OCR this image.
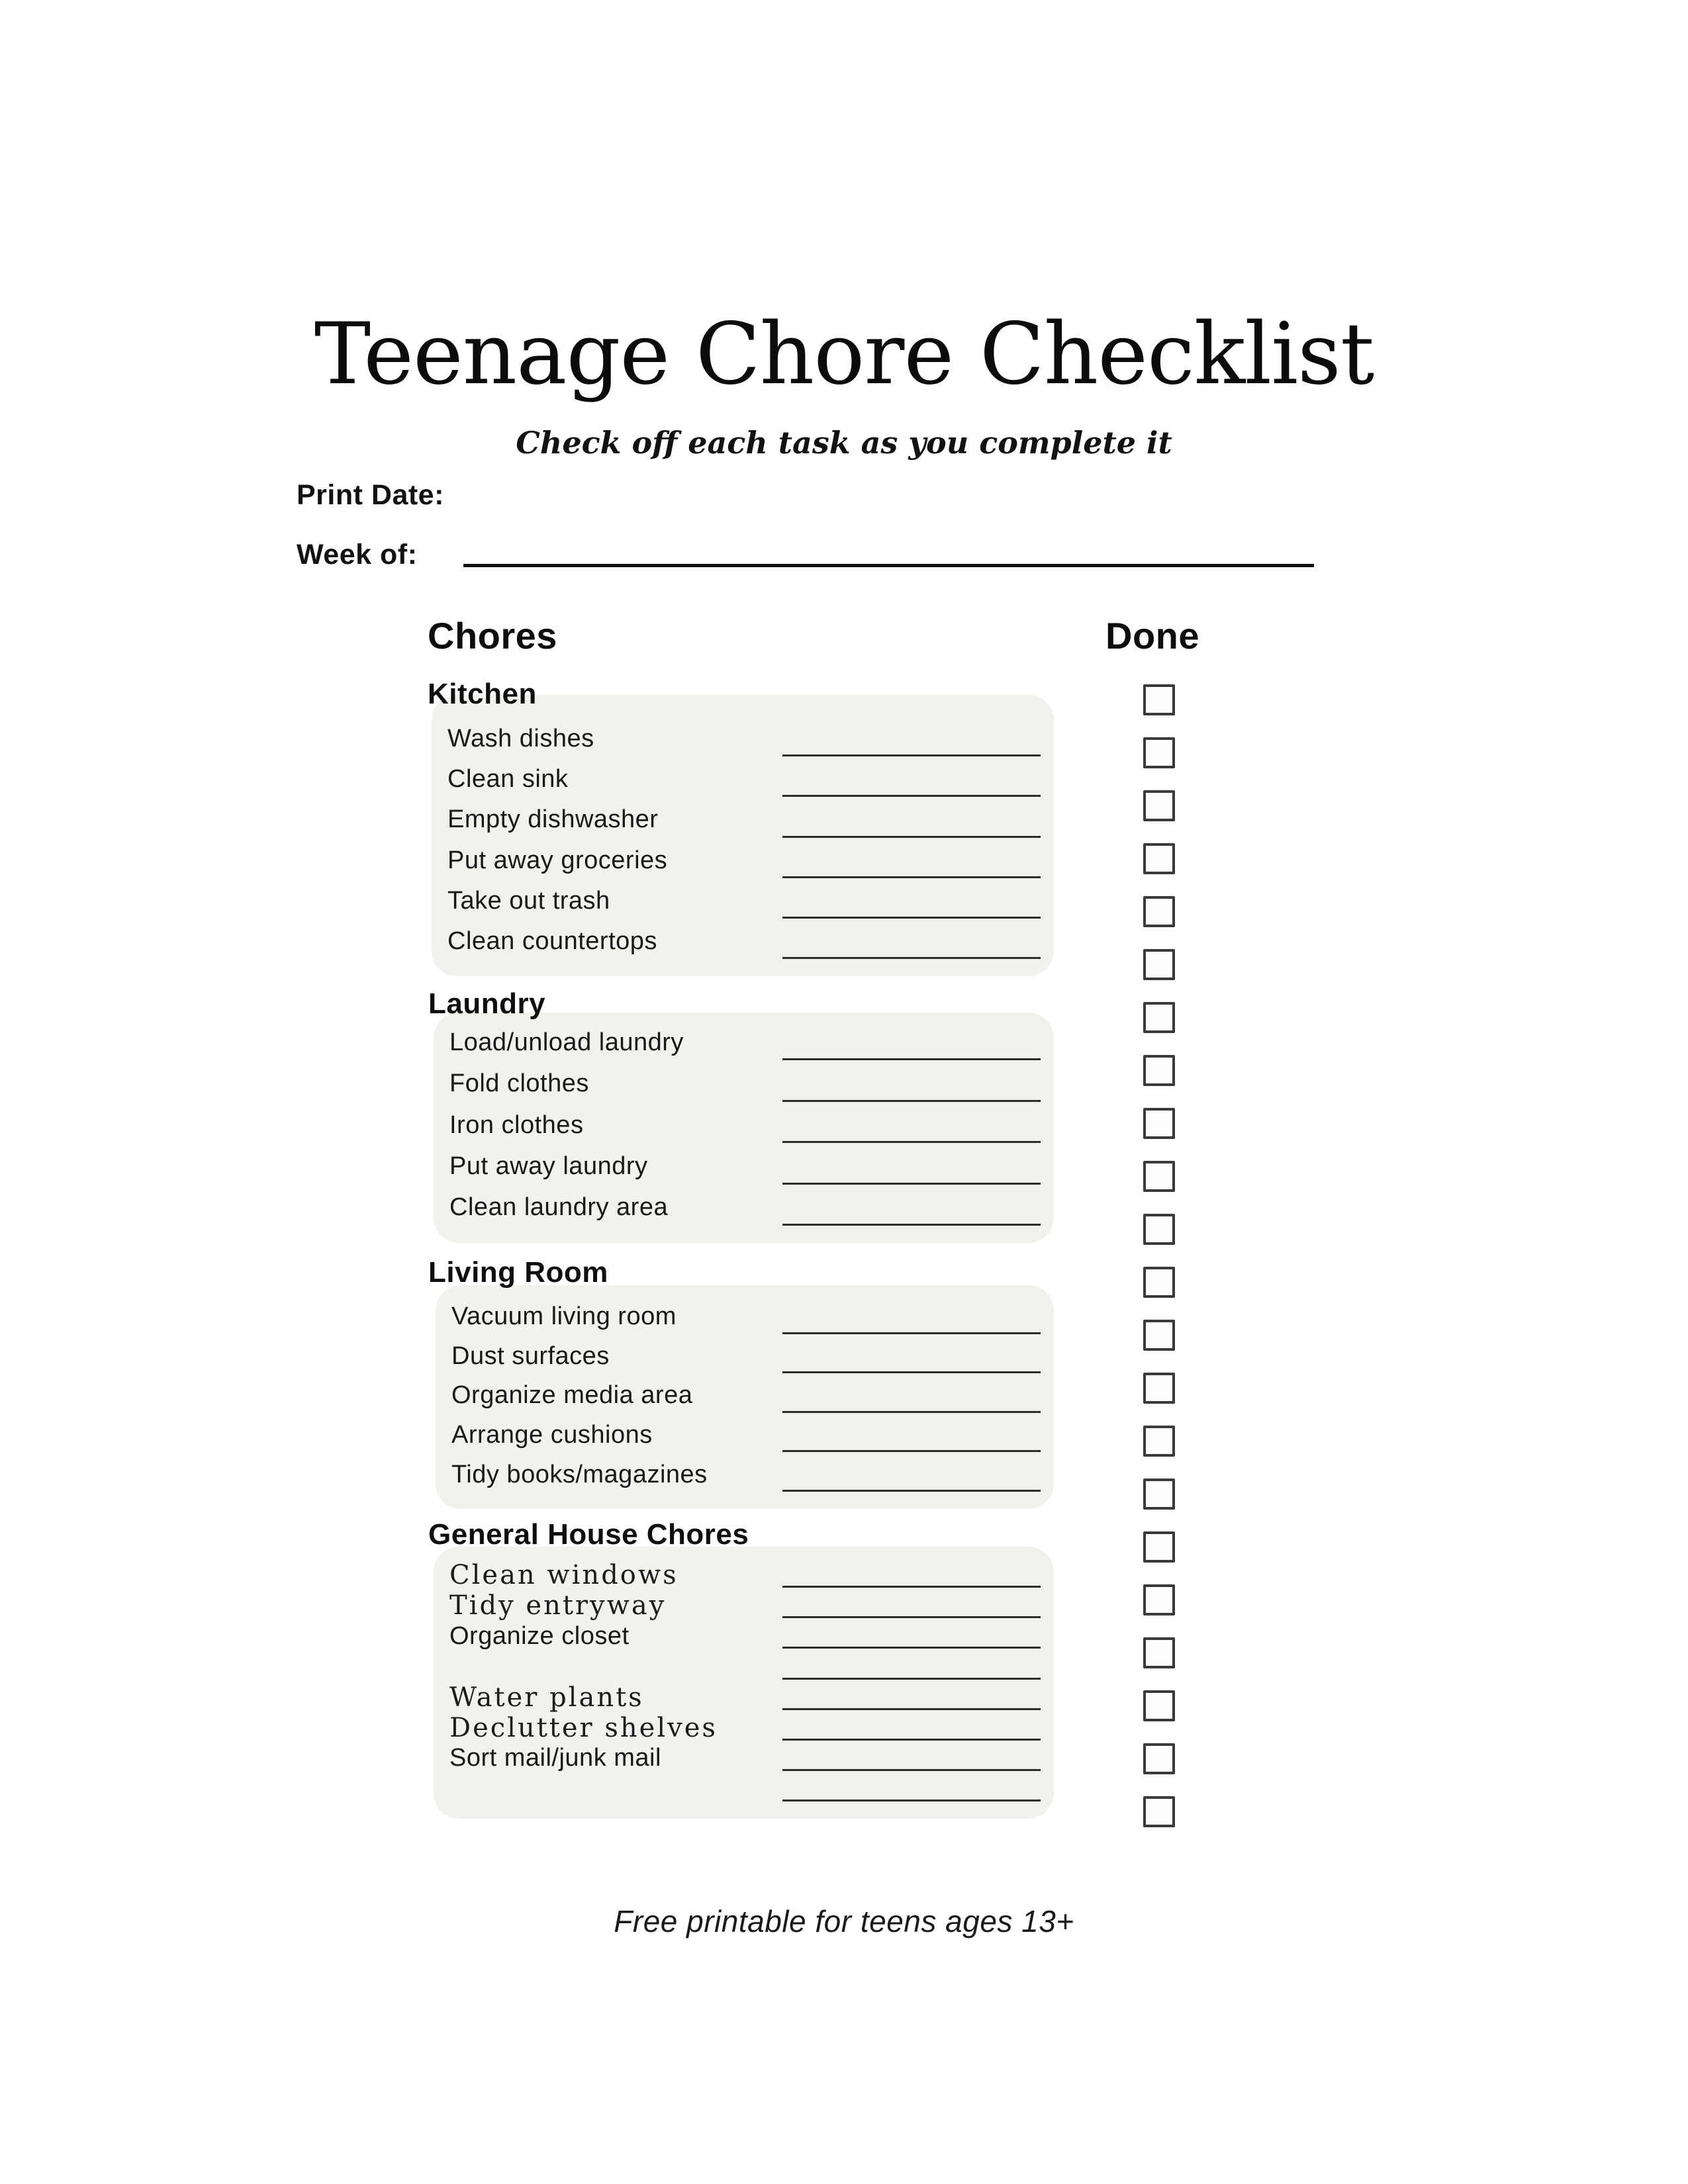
Teenage Chore Checklist
Check off each task as you complete it
Print Date:
Week of:
Chores	Done
Kitchen
Wash dishes
Clean sink
Empty dishwasher
Put away groceries
Take out trash
Clean countertops
Laundry
Load/unload laundry
Fold clothes
Iron clothes
Put away laundry
Clean laundry area
Living Room
Vacuum living room
Dust surfaces
Organize media area
Arrange cushions
Tidy books/magazines
General House Chores
Clean windows
Tidy entryway
Organize closet
Water plants
Declutter shelves
Sort mail/junk mail
Free printable for teens ages 13+
